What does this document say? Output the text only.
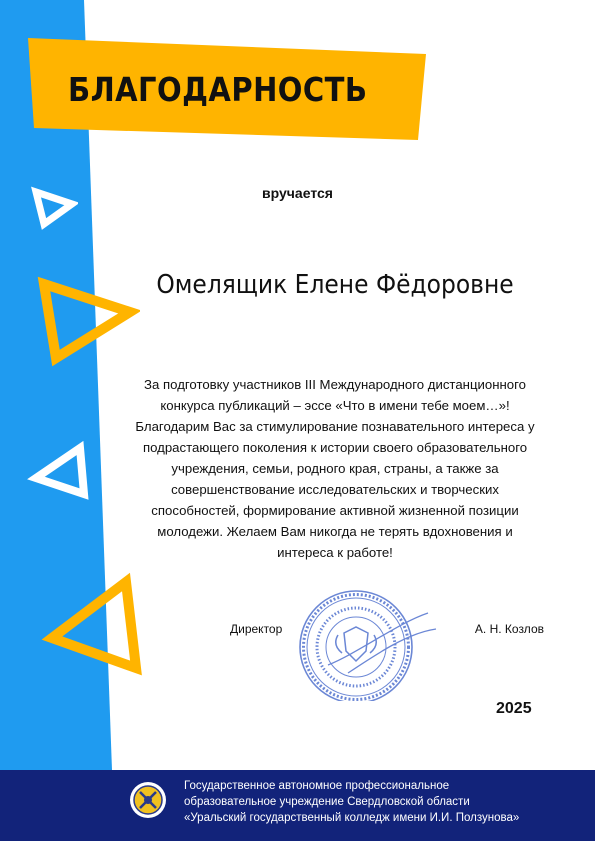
БЛАГОДАРНОСТЬ
вручается
Омелящик Елене Фёдоровне
За подготовку участников III Международного дистанционного конкурса публикаций – эссе «Что в имени тебе моем…»! Благодарим Вас за стимулирование познавательного интереса у подрастающего поколения к истории своего образовательного учреждения, семьи, родного края, страны, а также за совершенствование исследовательских и творческих способностей, формирование активной жизненной позиции молодежи. Желаем Вам никогда не терять вдохновения и интереса к работе!
Директор	А. Н. Козлов
2025
Государственное автономное профессиональное
образовательное учреждение Свердловской области
«Уральский государственный колледж имени И.И. Ползунова»
